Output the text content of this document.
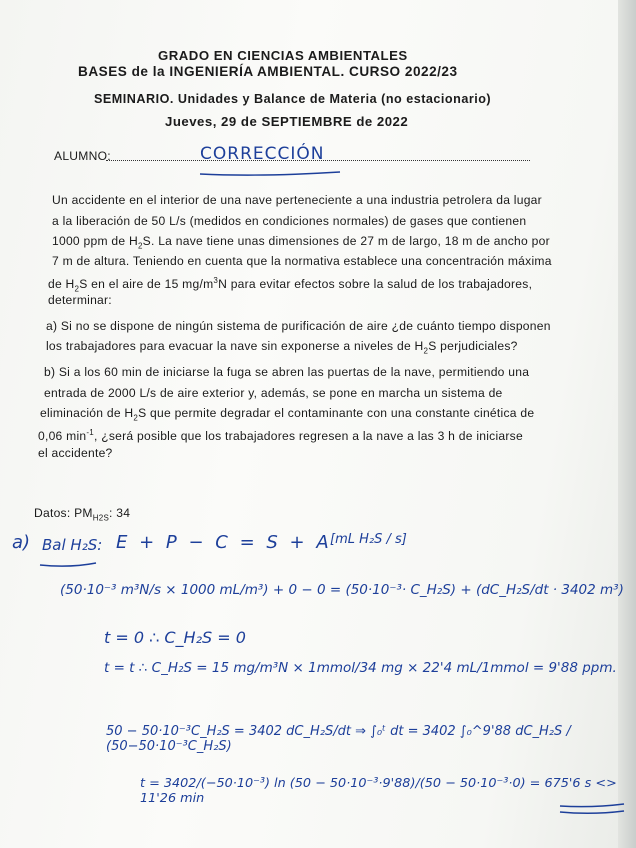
GRADO EN CIENCIAS AMBIENTALES
BASES de la INGENIERÍA AMBIENTAL. CURSO 2022/23
SEMINARIO. Unidades y Balance de Materia (no estacionario)
Jueves, 29 de SEPTIEMBRE de 2022
ALUMNO:	CORRECCIÓN
Un accidente en el interior de una nave perteneciente a una industria petrolera da lugar
a la liberación de 50 L/s (medidos en condiciones normales) de gases que contienen
1000 ppm de $H_2S$. La nave tiene unas dimensiones de 27 m de largo, 18 m de ancho por
7 m de altura. Teniendo en cuenta que la normativa establece una concentración máxima
de $H_2S$ en el aire de 15 $mg/m^3N$ para evitar efectos sobre la salud de los trabajadores,
determinar:
a) Si no se dispone de ningún sistema de purificación de aire ¿de cuánto tiempo disponen
los trabajadores para evacuar la nave sin exponerse a niveles de $H_2S$ perjudiciales?
b) Si a los 60 min de iniciarse la fuga se abren las puertas de la nave, permitiendo una
entrada de 2000 L/s de aire exterior y, además, se pone en marcha un sistema de
eliminación de $H_2S$ que permite degradar el contaminante con una constante cinética de
0,06 $\min^{-1}$, ¿será posible que los trabajadores regresen a la nave a las 3 h de iniciarse
el accidente?
Datos: $PM_{H2S}$: 34
a) Bal H₂S: E + P − C = S + A
[mL H₂S / s]
(50·10⁻³ m³N/s × 1000 mL/m³) + 0 − 0 = (50·10⁻³· C_H₂S) + (dC_H₂S/dt · 3402 m³)
t = 0 ∴ C_H₂S = 0
t = t ∴ C_H₂S = 15 mg/m³N × 1mmol/34 mg × 22'4 mL/1mmol = 9'88 ppm.
50 − 50·10⁻³C_H₂S = 3402 dC_H₂S/dt ⇒ ∫₀ᵗ dt = 3402 ∫₀^9'88 dC_H₂S / (50−50·10⁻³C_H₂S)
t = 3402/(−50·10⁻³) ln (50 − 50·10⁻³·9'88)/(50 − 50·10⁻³·0) = 675'6 s <> 11'26 min
